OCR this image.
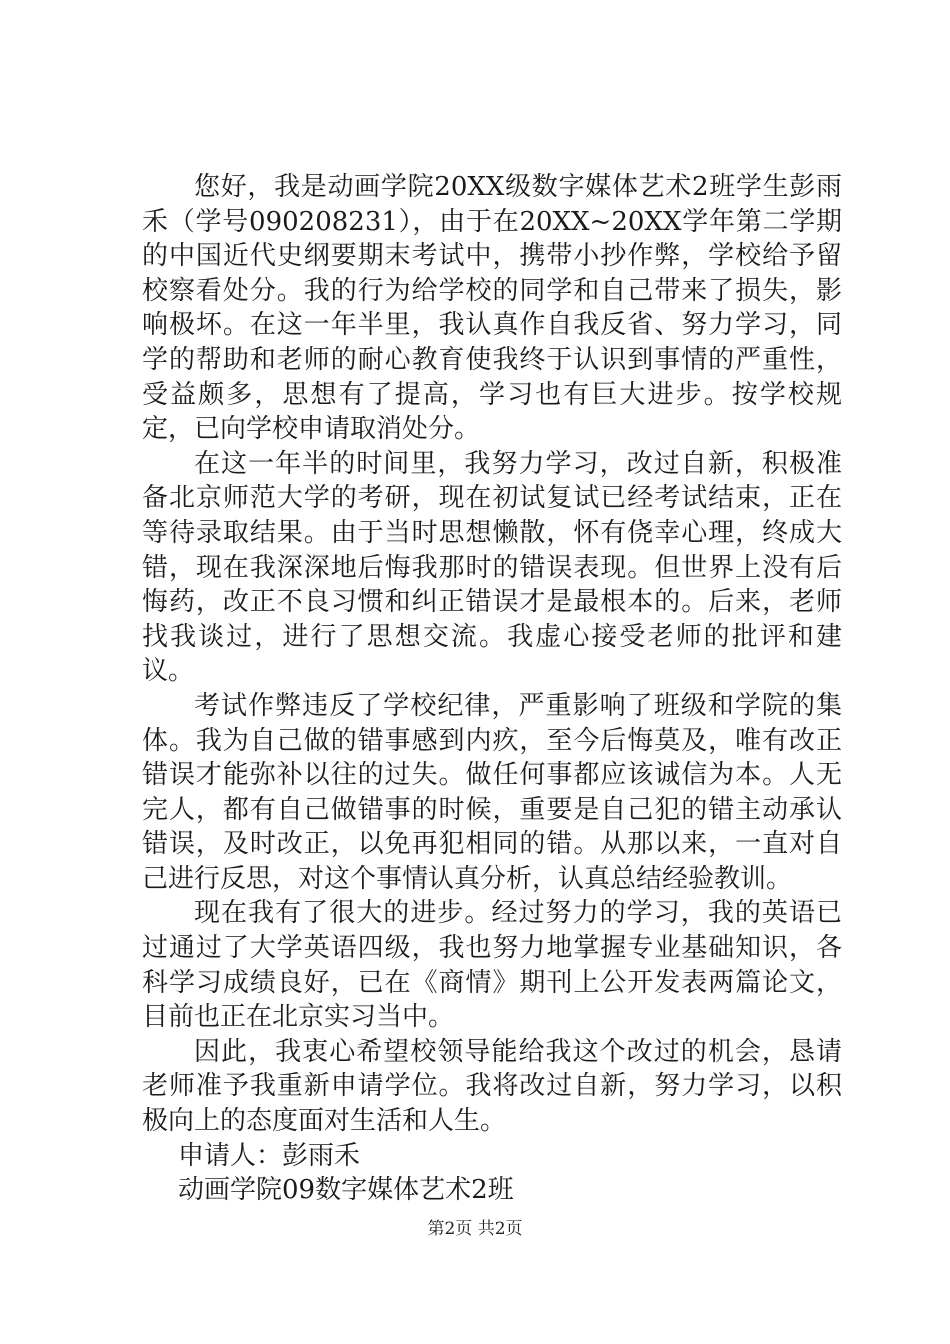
您好，我是动画学院20XX级数字媒体艺术2班学生彭雨禾（学号090208231），由于在20XX~20XX学年第二学期的中国近代史纲要期末考试中，携带小抄作弊，学校给予留校察看处分。我的行为给学校的同学和自己带来了损失，影响极坏。在这一年半里，我认真作自我反省、努力学习，同学的帮助和老师的耐心教育使我终于认识到事情的严重性，受益颇多，思想有了提高，学习也有巨大进步。按学校规定，已向学校申请取消处分。

在这一年半的时间里，我努力学习，改过自新，积极准备北京师范大学的考研，现在初试复试已经考试结束，正在等待录取结果。由于当时思想懒散，怀有侥幸心理，终成大错，现在我深深地后悔我那时的错误表现。但世界上没有后悔药，改正不良习惯和纠正错误才是最根本的。后来，老师找我谈过，进行了思想交流。我虚心接受老师的批评和建议。

考试作弊违反了学校纪律，严重影响了班级和学院的集体。我为自己做的错事感到内疚，至今后悔莫及，唯有改正错误才能弥补以往的过失。做任何事都应该诚信为本。人无完人，都有自己做错事的时候，重要是自己犯的错主动承认错误，及时改正，以免再犯相同的错。从那以来，一直对自己进行反思，对这个事情认真分析，认真总结经验教训。

现在我有了很大的进步。经过努力的学习，我的英语已过通过了大学英语四级，我也努力地掌握专业基础知识，各科学习成绩良好，已在《商情》期刊上公开发表两篇论文，目前也正在北京实习当中。

因此，我衷心希望校领导能给我这个改过的机会，恳请老师准予我重新申请学位。我将改过自新，努力学习，以积极向上的态度面对生活和人生。

申请人：彭雨禾

动画学院09数字媒体艺术2班

第2页 共2页
